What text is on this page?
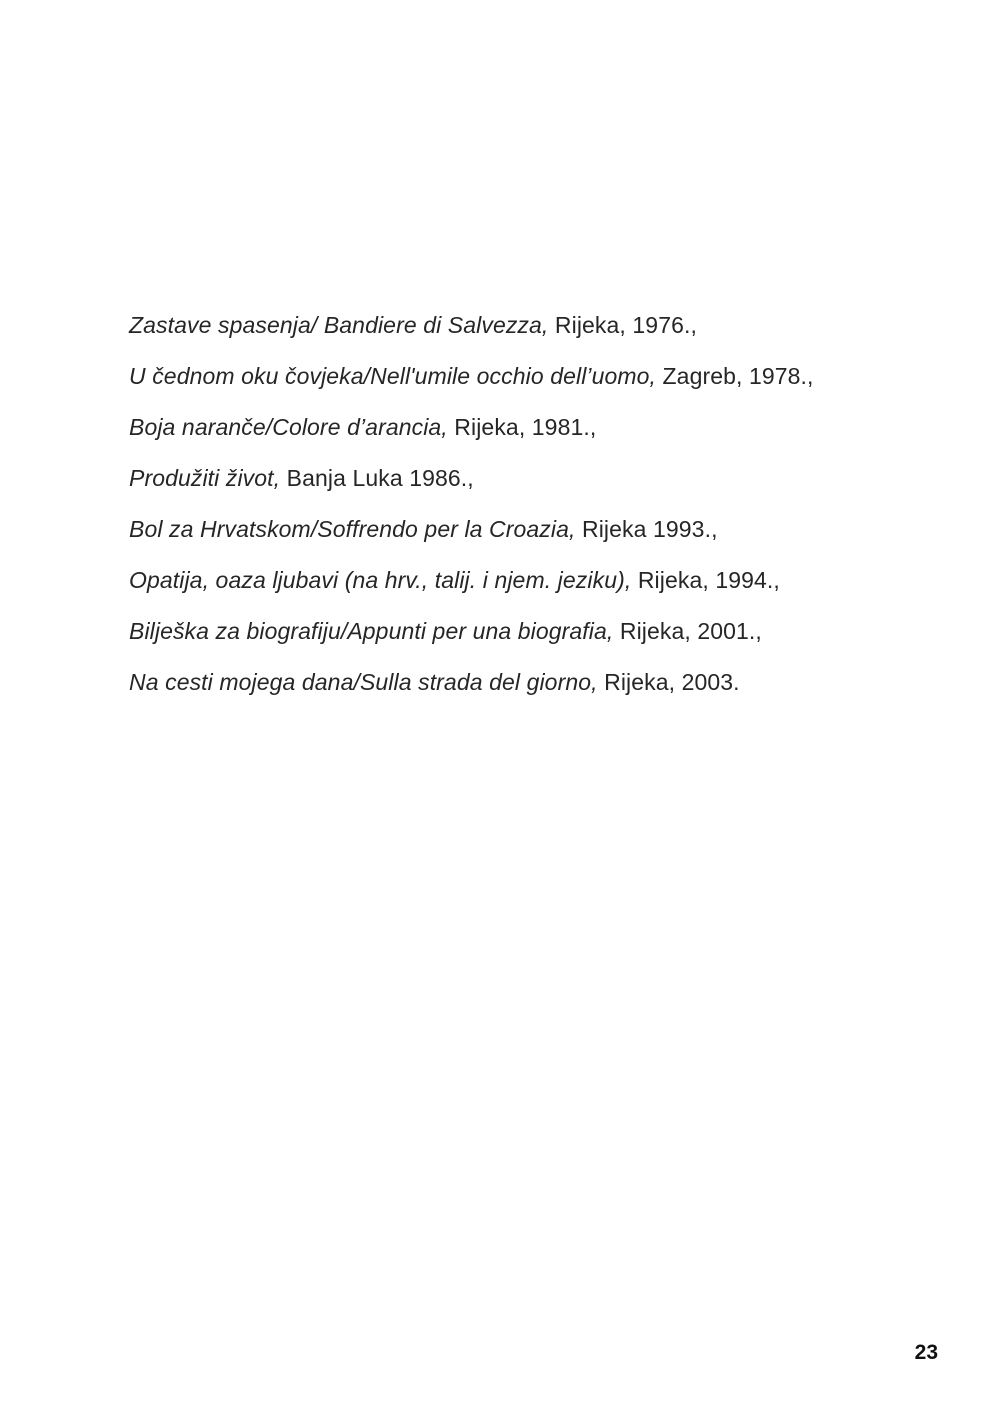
Zastave spasenja/ Bandiere di Salvezza, Rijeka, 1976.,
U čednom oku čovjeka/Nell'umile occhio dell’uomo, Zagreb, 1978.,
Boja naranče/Colore d’arancia, Rijeka, 1981.,
Produžiti život, Banja Luka 1986.,
Bol za Hrvatskom/Soffrendo per la Croazia, Rijeka 1993.,
Opatija, oaza ljubavi (na hrv., talij. i njem. jeziku), Rijeka, 1994.,
Bilješka za biografiju/Appunti per una biografia, Rijeka, 2001.,
Na cesti mojega dana/Sulla strada del giorno, Rijeka, 2003.
23
